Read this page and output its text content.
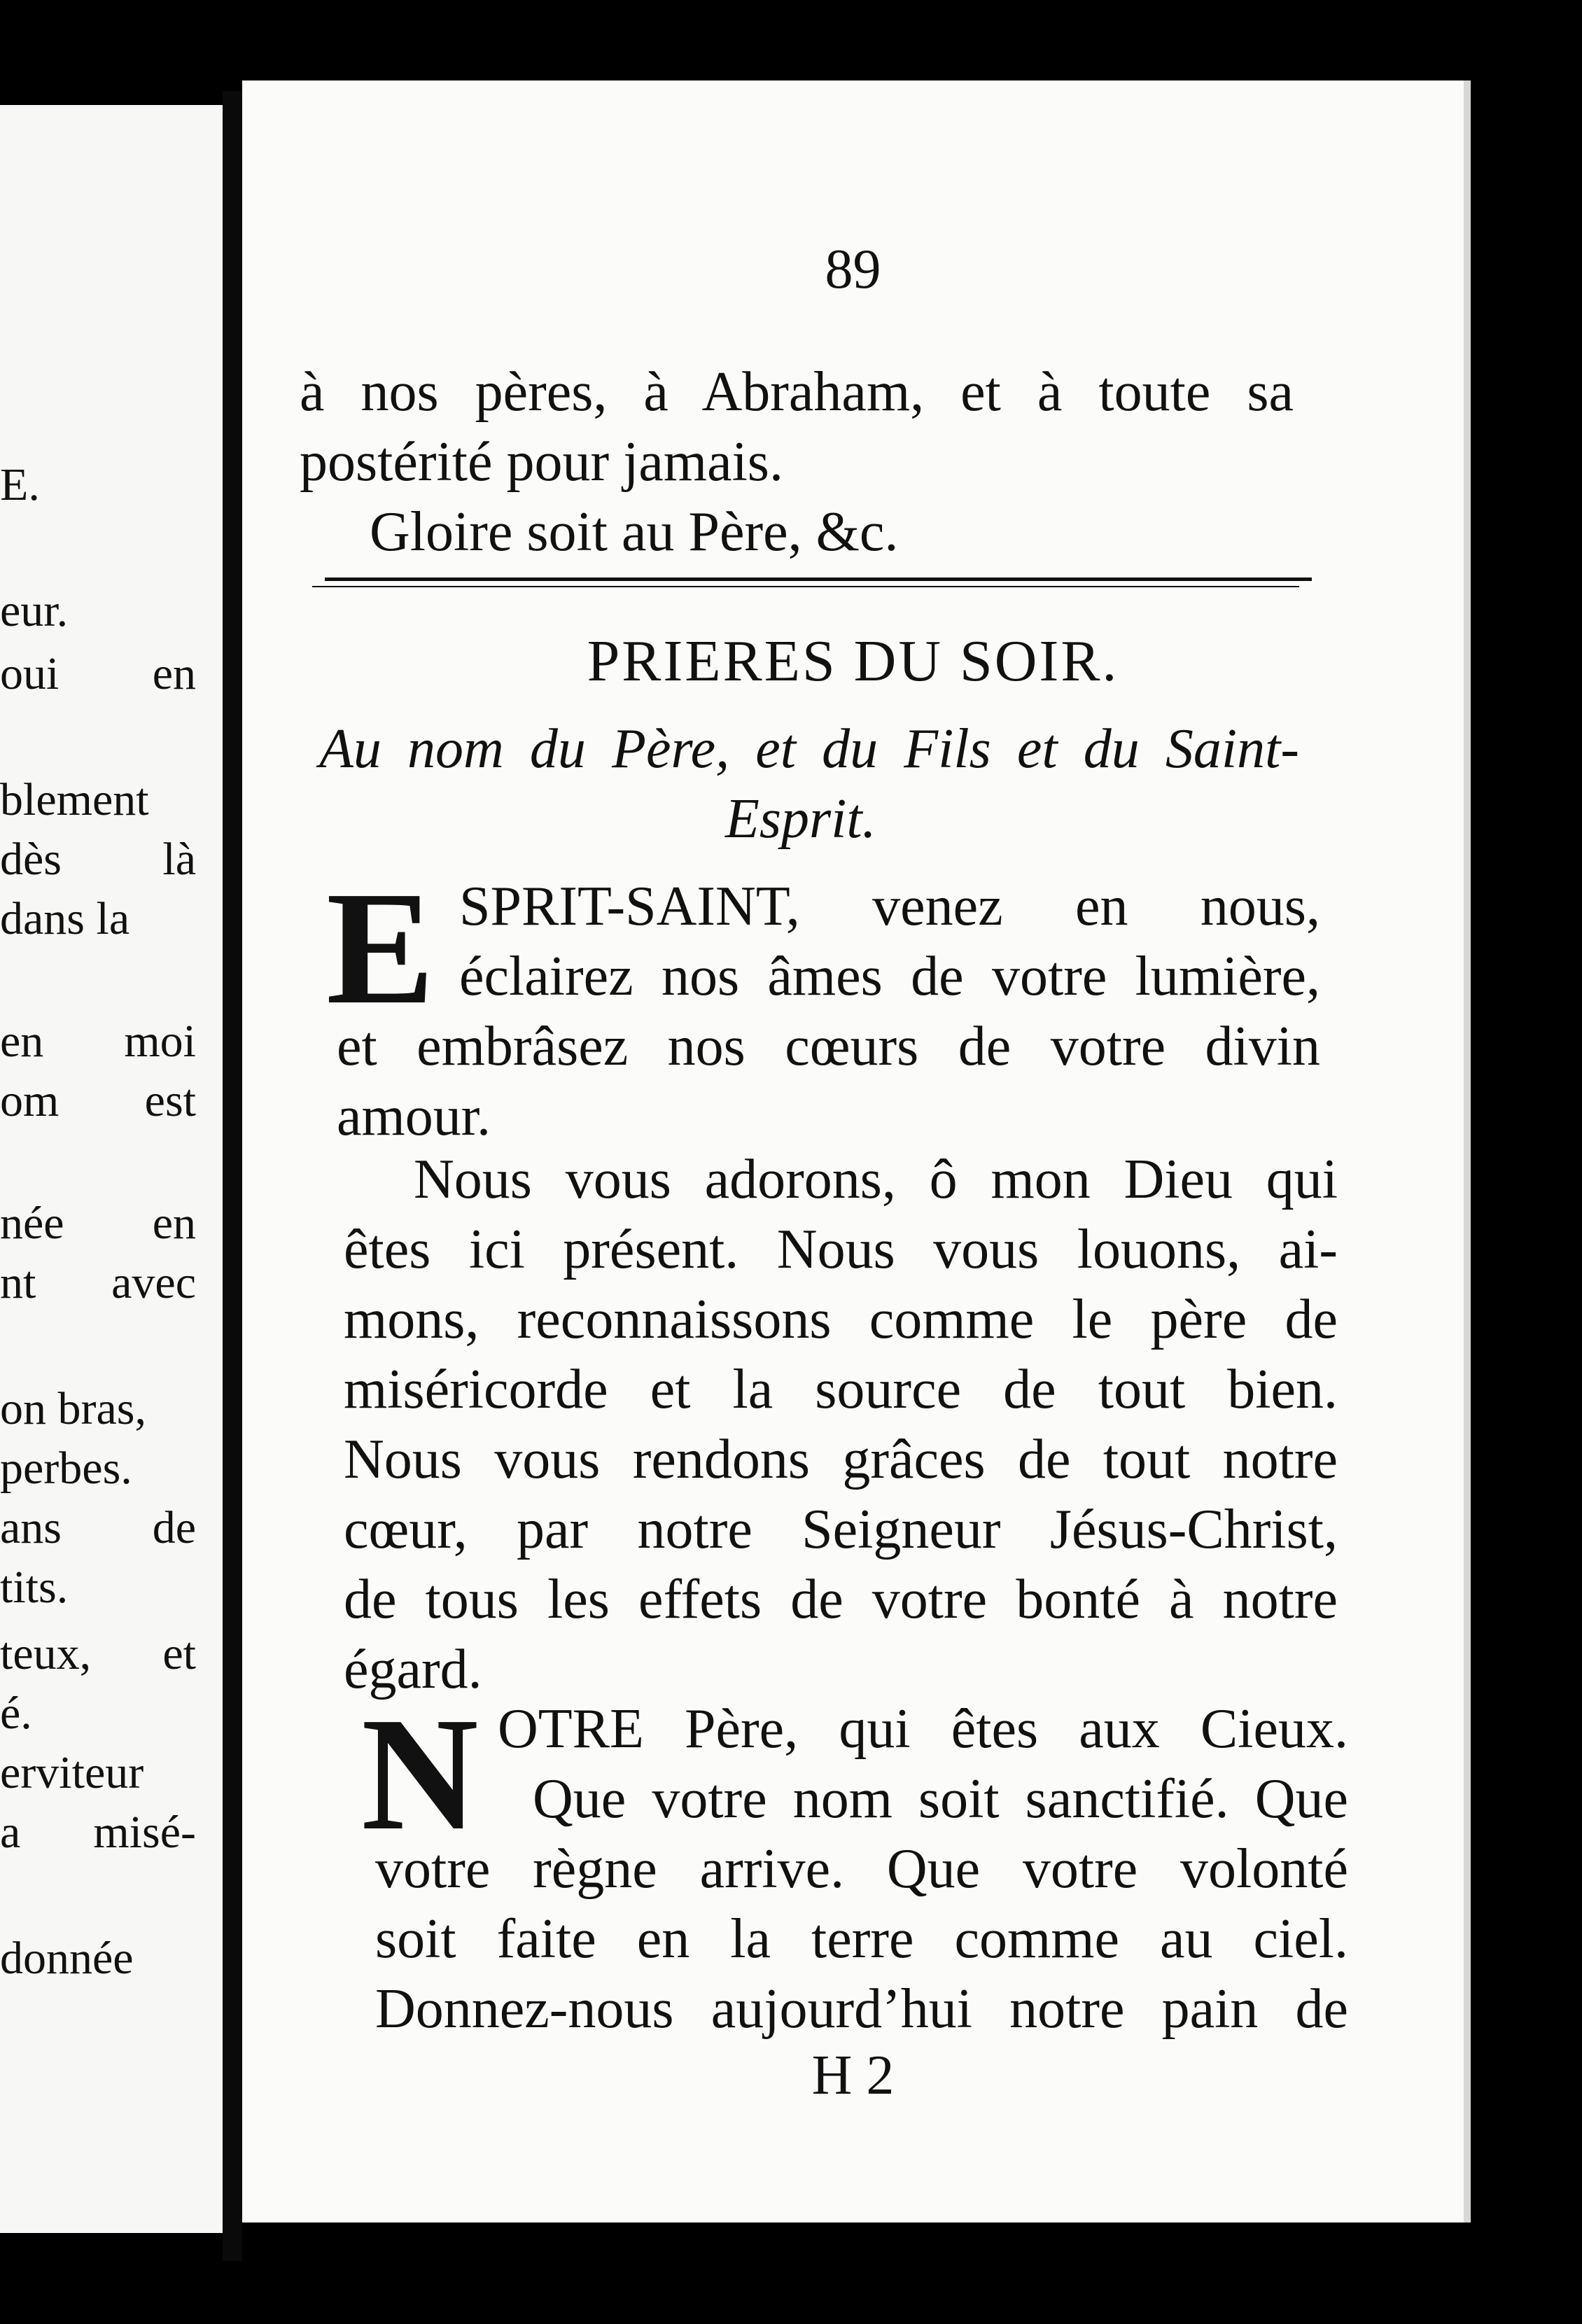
E.
eur.
oui en
blement
dès là
dans la
en moi
om est
née en
nt avec
on bras,
perbes.
ans de
tits.
teux, et
é.
erviteur
a misé-
donnée
89
à nos pères, à Abraham, et à toute sa
postérité pour jamais.
Gloire soit au Père, &c.
PRIERES DU SOIR.
Au nom du Père, et du Fils et du Saint-
Esprit.
E SPRIT-SAINT, venez en nous,
éclairez nos âmes de votre lumière,
et embrâsez nos cœurs de votre divin
amour.
Nous vous adorons, ô mon Dieu qui
êtes ici présent. Nous vous louons, ai-
mons, reconnaissons comme le père de
miséricorde et la source de tout bien.
Nous vous rendons grâces de tout notre
cœur, par notre Seigneur Jésus-Christ,
de tous les effets de votre bonté à notre
égard.
N OTRE Père, qui êtes aux Cieux.
Que votre nom soit sanctifié. Que
votre règne arrive. Que votre volonté
soit faite en la terre comme au ciel.
Donnez-nous aujourd’hui notre pain de
H 2
